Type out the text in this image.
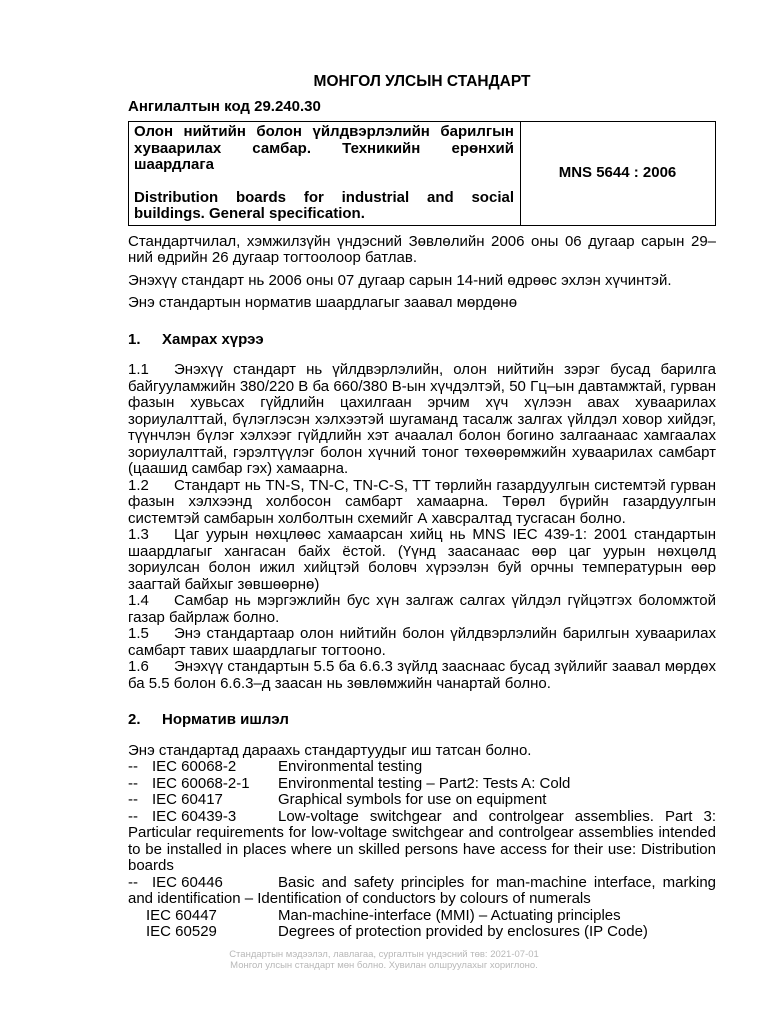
МОНГОЛ УЛСЫН СТАНДАРТ
Ангилалтын код 29.240.30
Олон нийтийн болон үйлдвэрлэлийн барилгын хуваарилах самбар. Техникийн ерөнхий шаардлага
Distribution boards for industrial and social buildings. General specification.
	MNS 5644 : 2006

Стандартчилал, хэмжилзүйн үндэсний Зөвлөлийн 2006 оны 06 дугаар сарын 29–ний өдрийн 26 дугаар тогтоолоор батлав.

Энэхүү стандарт нь 2006 оны 07 дугаар сарын 14-ний өдрөөс эхлэн хүчинтэй.

Энэ стандартын норматив шаардлагыг заавал мөрдөнө

1. Хамрах хүрээ

1.1 Энэхүү стандарт нь үйлдвэрлэлийн, олон нийтийн зэрэг бусад барилга байгууламжийн 380/220 В ба 660/380 В-ын хүчдэлтэй, 50 Гц–ын давтамжтай, гурван фазын хувьсах гүйдлийн цахилгаан эрчим хүч хүлээн авах хуваарилах зориулалттай, бүлэглэсэн хэлхээтэй шугаманд тасалж залгах үйлдэл ховор хийдэг, түүнчлэн бүлэг хэлхээг гүйдлийн хэт ачаалал болон богино залгаанаас хамгаалах зориулалттай, гэрэлтүүлэг болон хүчний тоног төхөөрөмжийн хуваарилах самбарт (цаашид самбар гэх) хамаарна.

1.2 Стандарт нь TN-S, TN-C, TN-C-S, TT төрлийн газардуулгын системтэй гурван фазын хэлхээнд холбосон самбарт хамаарна. Төрөл бүрийн газардуулгын системтэй самбарын холболтын схемийг А хавсралтад тусгасан болно.

1.3 Цаг уурын нөхцлөөс хамаарсан хийц нь MNS IEC 439-1: 2001 стандартын шаардлагыг хангасан байх ёстой. (Үүнд заасанаас өөр цаг уурын нөхцөлд зориулсан болон ижил хийцтэй боловч хүрээлэн буй орчны температурын өөр заагтай байхыг зөвшөөрнө)

1.4 Самбар нь мэргэжлийн бус хүн залгаж салгах үйлдэл гүйцэтгэх боломжтой газар байрлаж болно.

1.5 Энэ стандартаар олон нийтийн болон үйлдвэрлэлийн барилгын хуваарилах самбарт тавих шаардлагыг тогтооно.

1.6 Энэхүү стандартын 5.5 ба 6.6.3 зүйлд зааснаас бусад зүйлийг заавал мөрдөх ба 5.5 болон 6.6.3–д заасан нь зөвлөмжийн чанартай болно.

2. Норматив ишлэл

Энэ стандартад дараахь стандартуудыг иш татсан болно.

-- IEC 60068-2	Environmental testing
-- IEC 60068-2-1	Environmental testing – Part2: Tests A: Cold
-- IEC 60417	Graphical symbols for use on equipment

-- IEC 60439-3	Low-voltage switchgear and controlgear assemblies. Part 3: Particular requirements for low-voltage switchgear and controlgear assemblies intended to be installed in places where un skilled persons have access for their use: Distribution boards

-- IEC 60446	Basic and safety principles for man-machine interface, marking and identification – Identification of conductors by colours of numerals

IEC 60447	Man-machine-interface (MMI) – Actuating principles
IEC 60529	Degrees of protection provided by enclosures (IP Code)
Стандартын мэдээлэл, лавлагаа, сургалтын үндэсний төв: 2021-07-01
Монгол улсын стандарт мөн болно. Хувилан олшруулахыг хориглоно.
